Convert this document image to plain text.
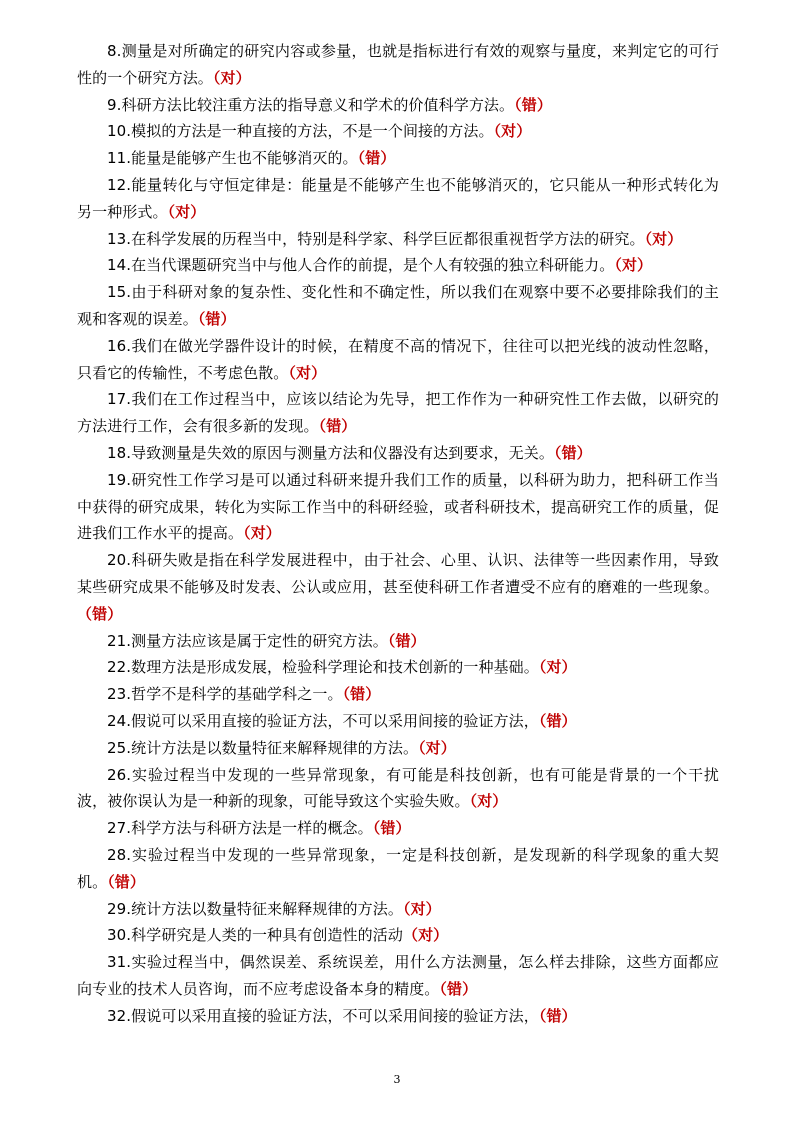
8.测量是对所确定的研究内容或参量，也就是指标进行有效的观察与量度，来判定它的可行性的一个研究方法。（对）

9.科研方法比较注重方法的指导意义和学术的价值科学方法。（错）

10.模拟的方法是一种直接的方法，不是一个间接的方法。（对）

11.能量是能够产生也不能够消灭的。（错）

12.能量转化与守恒定律是：能量是不能够产生也不能够消灭的，它只能从一种形式转化为另一种形式。（对）

13.在科学发展的历程当中，特别是科学家、科学巨匠都很重视哲学方法的研究。（对）

14.在当代课题研究当中与他人合作的前提，是个人有较强的独立科研能力。（对）

15.由于科研对象的复杂性、变化性和不确定性，所以我们在观察中要不必要排除我们的主观和客观的误差。（错）

16.我们在做光学器件设计的时候，在精度不高的情况下，往往可以把光线的波动性忽略，只看它的传输性，不考虑色散。（对）

17.我们在工作过程当中，应该以结论为先导，把工作作为一种研究性工作去做，以研究的方法进行工作，会有很多新的发现。（错）

18.导致测量是失效的原因与测量方法和仪器没有达到要求，无关。（错）

19.研究性工作学习是可以通过科研来提升我们工作的质量，以科研为助力，把科研工作当中获得的研究成果，转化为实际工作当中的科研经验，或者科研技术，提高研究工作的质量，促进我们工作水平的提高。（对）

20.科研失败是指在科学发展进程中，由于社会、心里、认识、法律等一些因素作用，导致某些研究成果不能够及时发表、公认或应用，甚至使科研工作者遭受不应有的磨难的一些现象。（错）

21.测量方法应该是属于定性的研究方法。（错）

22.数理方法是形成发展，检验科学理论和技术创新的一种基础。（对）

23.哲学不是科学的基础学科之一。（错）

24.假说可以采用直接的验证方法，不可以采用间接的验证方法，（错）

25.统计方法是以数量特征来解释规律的方法。（对）

26.实验过程当中发现的一些异常现象，有可能是科技创新，也有可能是背景的一个干扰波，被你误认为是一种新的现象，可能导致这个实验失败。（对）

27.科学方法与科研方法是一样的概念。（错）

28.实验过程当中发现的一些异常现象，一定是科技创新，是发现新的科学现象的重大契机。（错）

29.统计方法以数量特征来解释规律的方法。（对）

30.科学研究是人类的一种具有创造性的活动（对）

31.实验过程当中，偶然误差、系统误差，用什么方法测量，怎么样去排除，这些方面都应向专业的技术人员咨询，而不应考虑设备本身的精度。（错）

32.假说可以采用直接的验证方法，不可以采用间接的验证方法，（错）

3
